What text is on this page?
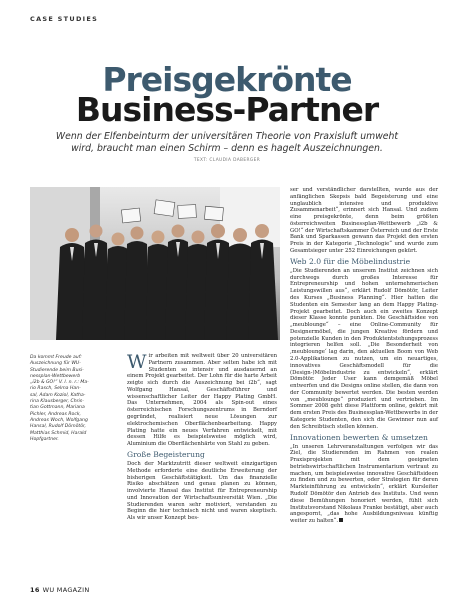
CASE STUDIES
Preisgekrönte
Business-Partner
Wenn der Elfenbeinturm der universitären Theorie von Praxisluft umweht
wird, braucht man einen Schirm – denn es hagelt Auszeichnungen.
TEXT: CLAUDIA DABERGER
Da kommt Freude auf:
Auszeichnung für WU-
Studierende beim Busi-
nessplan-Wettbewerb
„i2b & GO!“ V. l. n. r.: Ma-
rio Rasch, Selma Han-
sal, Adam Koziol, Katha-
rina Klausberger, Chris-
tian Gottmann, Mariana
Pichler, Andreas Rock,
Andreas Woch, Wolfgang
Hansal, Rudolf Dömötör,
Matthias Schmid, Harald
Hopfgartner.

Wir arbeiten mit weltweit über 20 universitären Partnern zusammen. Aber selten habe ich mit Studenten so intensiv und ausdauernd an einem Projekt gearbeitet. Der Lohn für die harte Arbeit zeigte sich durch die Auszeichnung bei i2b“, sagt Wolfgang Hansal, Geschäftsführer und wissenschaftlicher Leiter der Happy Plating GmbH. Das Unternehmen, 2004 als Spin-out eines österreichischen Forschungszentrums in Berndorf gegründet, realisiert neue Lösungen zur elektrochemischen Oberflächenbearbeitung. Happy Plating hatte ein neues Verfahren entwickelt, mit dessen Hilfe es beispielsweise möglich wird, Aluminium die Oberflächenhärte von Stahl zu geben.

Große Begeisterung

Doch der Marktzutritt dieser weltweit einzigartigen Methode erforderte eine deutliche Erweiterung der bisherigen Geschäftstätigkeit. Um das finanzielle Risiko abschätzen und genau planen zu können, involvierte Hansal das Institut für Entrepreneurship und Innovation der Wirtschaftsuniversität Wien. „Die Studierenden waren sehr motiviert, verstanden zu Beginn die hier technisch nicht und waren skeptisch. Als wir unser Konzept bes-

ser und verständlicher darstellten, wurde aus der anfänglichen Skepsis bald Begeisterung und eine unglaublich intensive und produktive Zusammenarbeit“, erinnert sich Hansal. Und zudem eine preisgekrönte, denn beim größten österreichweiten Businessplan-Wettbewerb „i2b & GO!“ der Wirtschaftskammer Österreich und der Erste Bank und Sparkassen gewann das Projekt den ersten Preis in der Kategorie „Technologie“ und wurde zum Gesamtsieger unter 252 Einreichungen gekürt.

Web 2.0 für die Möbelindustrie

„Die Studierenden an unserem Institut zeichnen sich durchwegs durch großes Interesse für Entrepreneurship und hohen unternehmerischen Leistungswillen aus“, erklärt Rudolf Dömötör, Leiter des Kurses „Business Planning“. Hier hatten die Studenten ein Semester lang an dem Happy Plating-Projekt gearbeitet. Doch auch ein zweites Konzept dieser Klasse konnte punkten. Die Geschäftsidee von „meublounge“ – eine Online-Community für Designermöbel, die jungen Kreative fördern und potenzielle Kunden in den Produktentstehungsprozess integrieren helfen soll. „Die Besonderheit von ‚meublounge‘ lag darin, den aktuellen Boom von Web 2.0-Applikationen zu nutzen, um ein neuartiges, innovatives Geschäftsmodell für die (Design-)Möbelindustrie zu entwickeln“, erklärt Dömötör. Jeder User kann demgemäß Möbel entwerfen und die Designs online stellen, die dann von der Community bewertet werden. Die besten werden von „meublounge“ produziert und vertrieben. Im Sommer 2008 geht diese Plattform online, gekürt mit dem ersten Preis des Businessplan-Wettbewerbs in der Kategorie Studenten, den sich die Gewinner nun auf den Schreibtisch stellen können.

Innovationen bewerten & umsetzen

„In unseren Lehrveranstaltungen verfolgen wir das Ziel, die Studierenden im Rahmen von realen Praxisprojekten mit dem geeigneten betriebswirtschaftlichen Instrumentarium vertraut zu machen, um beispielsweise innovative Geschäftsideen zu finden und zu bewerten, oder Strategien für deren Markteinführung zu entwickeln“, erklärt Kursleiter Rudolf Dömötör den Antrieb des Instituts. Und wenn diese Bemühungen honoriert werden, fühlt sich Institutsvorstand Nikolaus Franke bestätigt, aber auch angespornt, „das hohe Ausbildungsniveau künftig weiter zu halten“.

16 WU MAGAZIN
